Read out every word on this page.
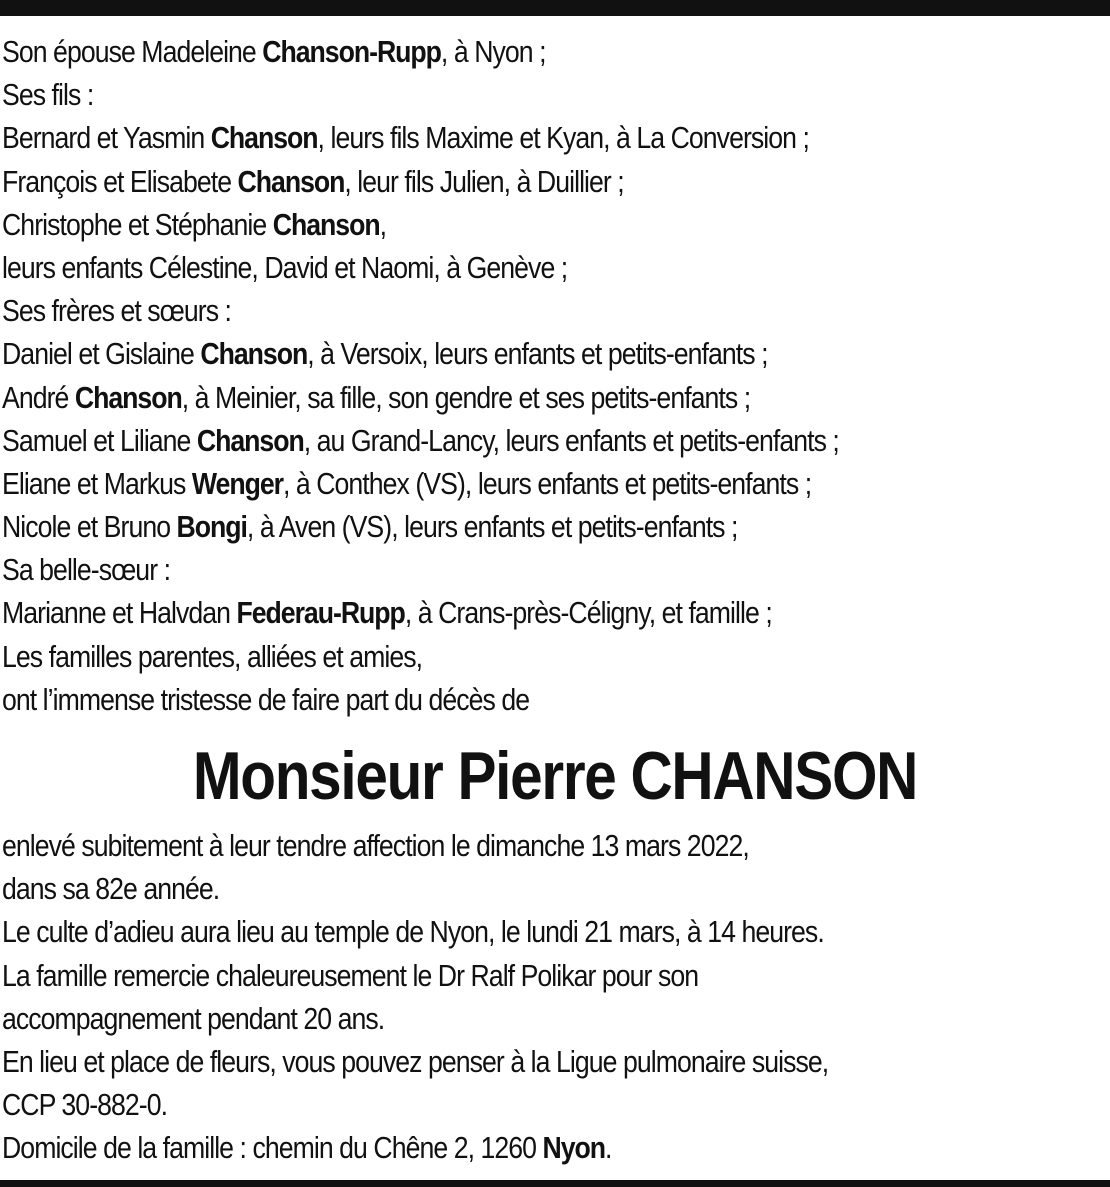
Son épouse Madeleine Chanson-Rupp, à Nyon ;
Ses fils :
Bernard et Yasmin Chanson, leurs fils Maxime et Kyan, à La Conversion ;
François et Elisabete Chanson, leur fils Julien, à Duillier ;
Christophe et Stéphanie Chanson,
leurs enfants Célestine, David et Naomi, à Genève ;
Ses frères et sœurs :
Daniel et Gislaine Chanson, à Versoix, leurs enfants et petits-enfants ;
André Chanson, à Meinier, sa fille, son gendre et ses petits-enfants ;
Samuel et Liliane Chanson, au Grand-Lancy, leurs enfants et petits-enfants ;
Eliane et Markus Wenger, à Conthex (VS), leurs enfants et petits-enfants ;
Nicole et Bruno Bongi, à Aven (VS), leurs enfants et petits-enfants ;
Sa belle-sœur :
Marianne et Halvdan Federau-Rupp, à Crans-près-Céligny, et famille ;
Les familles parentes, alliées et amies,
ont l’immense tristesse de faire part du décès de
Monsieur Pierre CHANSON
enlevé subitement à leur tendre affection le dimanche 13 mars 2022,
dans sa 82e année.
Le culte d’adieu aura lieu au temple de Nyon, le lundi 21 mars, à 14 heures.
La famille remercie chaleureusement le Dr Ralf Polikar pour son
accompagnement pendant 20 ans.
En lieu et place de fleurs, vous pouvez penser à la Ligue pulmonaire suisse,
CCP 30-882-0.
Domicile de la famille : chemin du Chêne 2, 1260 Nyon.
